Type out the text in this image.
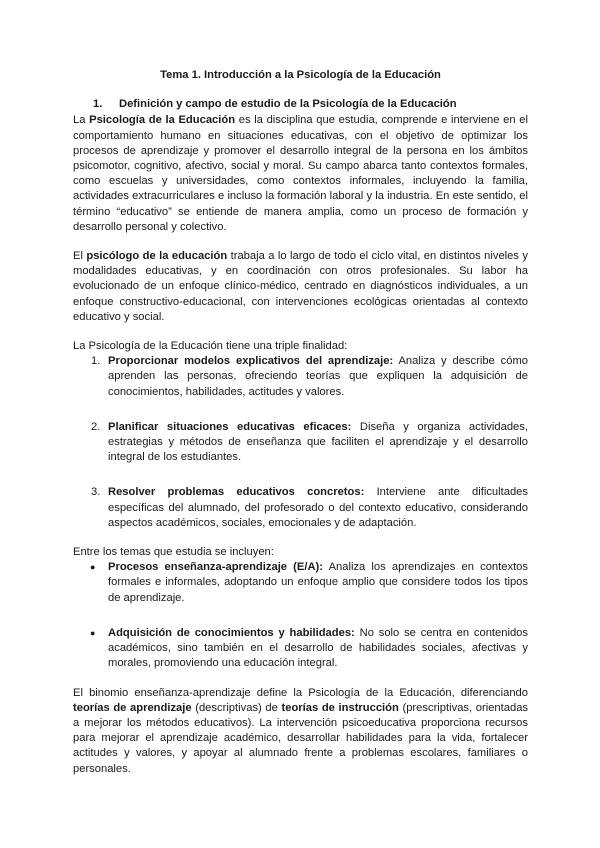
Tema 1. Introducción a la Psicología de la Educación
1. Definición y campo de estudio de la Psicología de la Educación

La Psicología de la Educación es la disciplina que estudia, comprende e interviene en el comportamiento humano en situaciones educativas, con el objetivo de optimizar los procesos de aprendizaje y promover el desarrollo integral de la persona en los ámbitos psicomotor, cognitivo, afectivo, social y moral. Su campo abarca tanto contextos formales, como escuelas y universidades, como contextos informales, incluyendo la familia, actividades extracurriculares e incluso la formación laboral y la industria. En este sentido, el término “educativo” se entiende de manera amplia, como un proceso de formación y desarrollo personal y colectivo.

El psicólogo de la educación trabaja a lo largo de todo el ciclo vital, en distintos niveles y modalidades educativas, y en coordinación con otros profesionales. Su labor ha evolucionado de un enfoque clínico-médico, centrado en diagnósticos individuales, a un enfoque constructivo-educacional, con intervenciones ecológicas orientadas al contexto educativo y social.

La Psicología de la Educación tiene una triple finalidad:

1. Proporcionar modelos explicativos del aprendizaje: Analiza y describe cómo aprenden las personas, ofreciendo teorías que expliquen la adquisición de conocimientos, habilidades, actitudes y valores.
2. Planificar situaciones educativas eficaces: Diseña y organiza actividades, estrategias y métodos de enseñanza que faciliten el aprendizaje y el desarrollo integral de los estudiantes.
3. Resolver problemas educativos concretos: Interviene ante dificultades específicas del alumnado, del profesorado o del contexto educativo, considerando aspectos académicos, sociales, emocionales y de adaptación.

Entre los temas que estudia se incluyen:

● Procesos enseñanza-aprendizaje (E/A): Analiza los aprendizajes en contextos formales e informales, adoptando un enfoque amplio que considere todos los tipos de aprendizaje.
● Adquisición de conocimientos y habilidades: No solo se centra en contenidos académicos, sino también en el desarrollo de habilidades sociales, afectivas y morales, promoviendo una educación integral.

El binomio enseñanza-aprendizaje define la Psicología de la Educación, diferenciando teorías de aprendizaje (descriptivas) de teorías de instrucción (prescriptivas, orientadas a mejorar los métodos educativos). La intervención psicoeducativa proporciona recursos para mejorar el aprendizaje académico, desarrollar habilidades para la vida, fortalecer actitudes y valores, y apoyar al alumnado frente a problemas escolares, familiares o personales.
